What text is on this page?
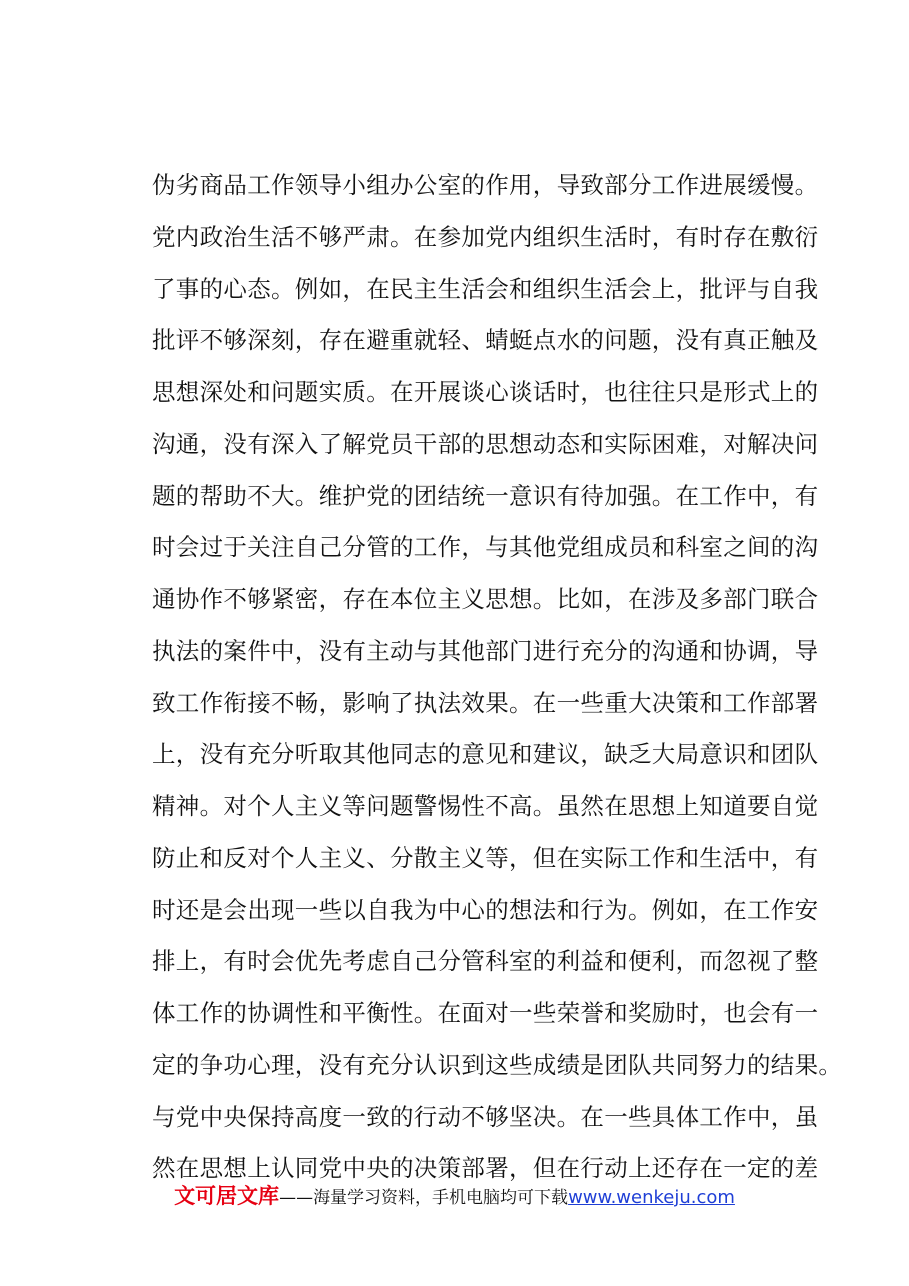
伪劣商品工作领导小组办公室的作用，导致部分工作进展缓慢。
党内政治生活不够严肃。在参加党内组织生活时，有时存在敷衍
了事的心态。例如，在民主生活会和组织生活会上，批评与自我
批评不够深刻，存在避重就轻、蜻蜓点水的问题，没有真正触及
思想深处和问题实质。在开展谈心谈话时，也往往只是形式上的
沟通，没有深入了解党员干部的思想动态和实际困难，对解决问
题的帮助不大。维护党的团结统一意识有待加强。在工作中，有
时会过于关注自己分管的工作，与其他党组成员和科室之间的沟
通协作不够紧密，存在本位主义思想。比如，在涉及多部门联合
执法的案件中，没有主动与其他部门进行充分的沟通和协调，导
致工作衔接不畅，影响了执法效果。在一些重大决策和工作部署
上，没有充分听取其他同志的意见和建议，缺乏大局意识和团队
精神。对个人主义等问题警惕性不高。虽然在思想上知道要自觉
防止和反对个人主义、分散主义等，但在实际工作和生活中，有
时还是会出现一些以自我为中心的想法和行为。例如，在工作安
排上，有时会优先考虑自己分管科室的利益和便利，而忽视了整
体工作的协调性和平衡性。在面对一些荣誉和奖励时，也会有一
定的争功心理，没有充分认识到这些成绩是团队共同努力的结果。
与党中央保持高度一致的行动不够坚决。在一些具体工作中，虽
然在思想上认同党中央的决策部署，但在行动上还存在一定的差
文可居文库——海量学习资料，手机电脑均可下载www.wenkeju.com
